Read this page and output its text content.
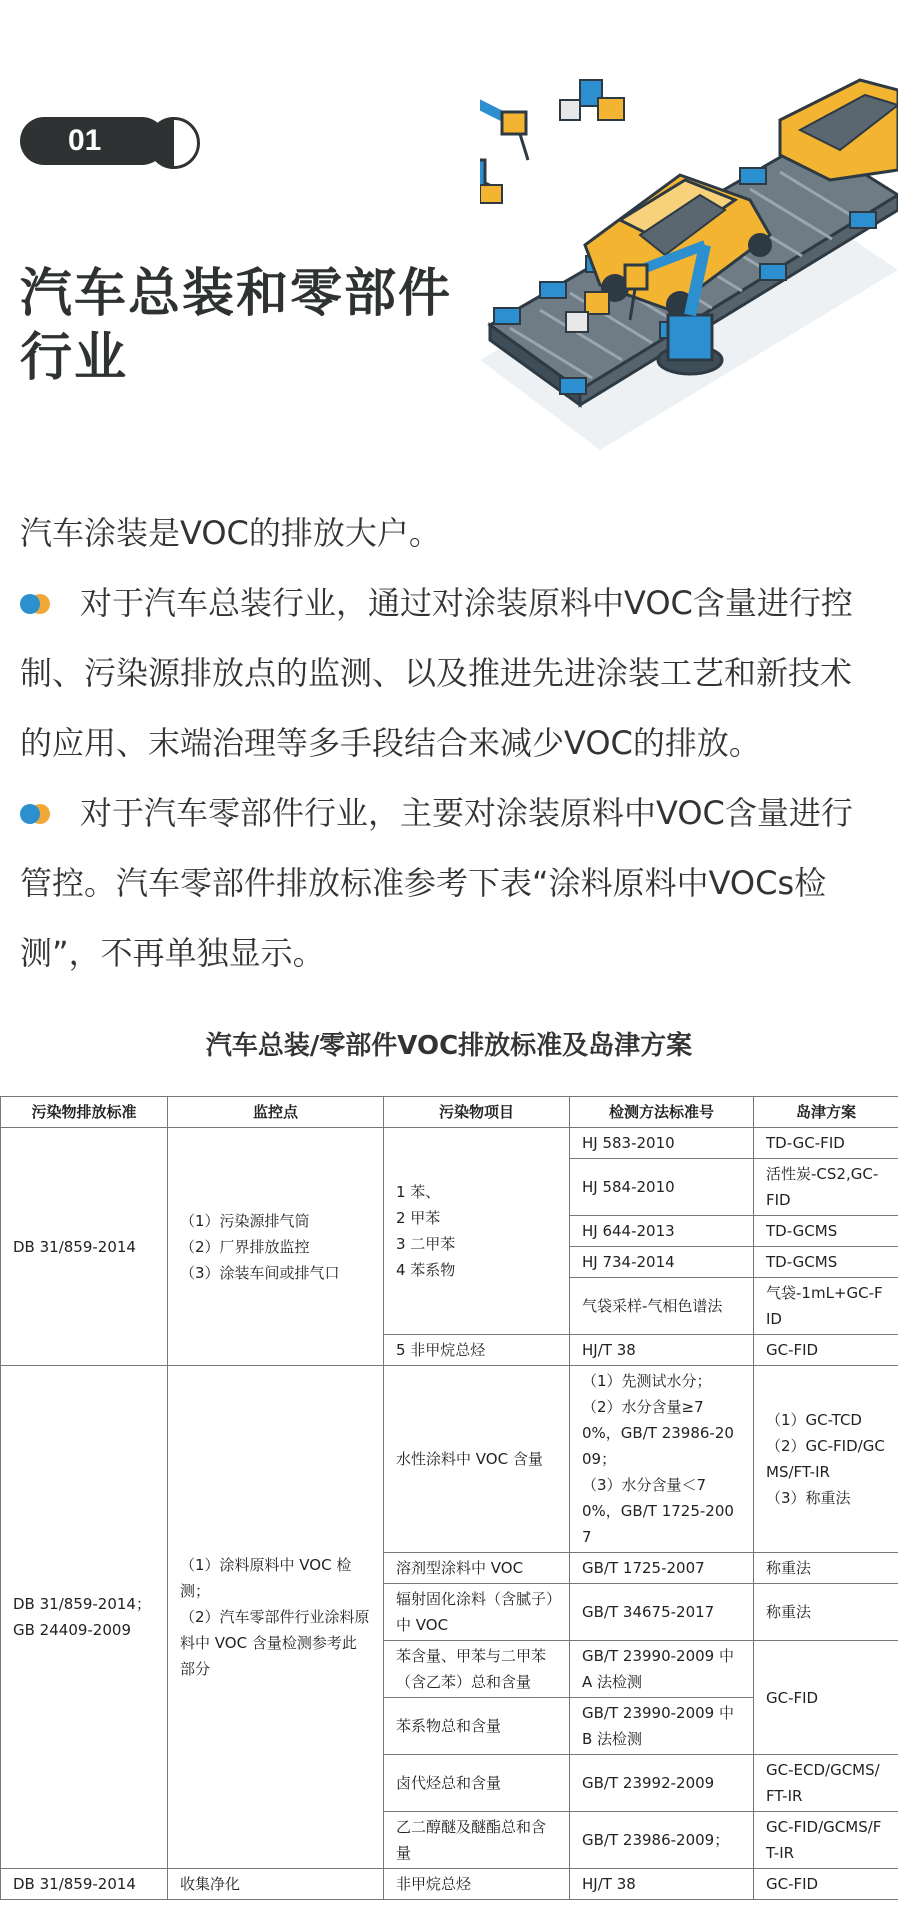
01
汽车总装和零部件行业

汽车涂装是VOC的排放大户。

对于汽车总装行业，通过对涂装原料中VOC含量进行控制、污染源排放点的监测、以及推进先进涂装工艺和新技术的应用、末端治理等多手段结合来减少VOC的排放。

对于汽车零部件行业，主要对涂装原料中VOC含量进行管控。汽车零部件排放标准参考下表“涂料原料中VOCs检测”，不再单独显示。

汽车总装/零部件VOC排放标准及岛津方案
污染物排放标准	监控点	污染物项目	检测方法标准号	岛津方案
DB 31/859-2014	（1）污染源排气筒
（2）厂界排放监控
（3）涂装车间或排气口	1 苯、
2 甲苯
3 二甲苯
4 苯系物	HJ 583-2010	TD-GC-FID
			HJ 584-2010	活性炭-CS2,GC-FID
			HJ 644-2013	TD-GCMS
			HJ 734-2014	TD-GCMS
			气袋采样-气相色谱法	气袋-1mL+GC-FID
		5 非甲烷总烃	HJ/T 38	GC-FID

DB 31/859-2014；
GB 24409-2009	（1）涂料原料中 VOC 检测；
（2）汽车零部件行业涂料原料中 VOC 含量检测参考此部分	水性涂料中 VOC 含量	（1）先测试水分；
（2）水分含量≥70%，GB/T 23986-2009；
（3）水分含量＜70%，GB/T 1725-2007	（1）GC-TCD
（2）GC-FID/GCMS/FT-IR
（3）称重法

		溶剂型涂料中 VOC	GB/T 1725-2007	称重法
		辐射固化涂料（含腻子）中 VOC	GB/T 34675-2017	称重法
		苯含量、甲苯与二甲苯（含乙苯）总和含量	GB/T 23990-2009 中 A 法检测	GC-FID
		苯系物总和含量	GB/T 23990-2009 中 B 法检测	
		卤代烃总和含量	GB/T 23992-2009	GC-ECD/GCMS/FT-IR
		乙二醇醚及醚酯总和含量	GB/T 23986-2009；	GC-FID/GCMS/FT-IR
DB 31/859-2014	收集净化	非甲烷总烃	HJ/T 38	GC-FID
